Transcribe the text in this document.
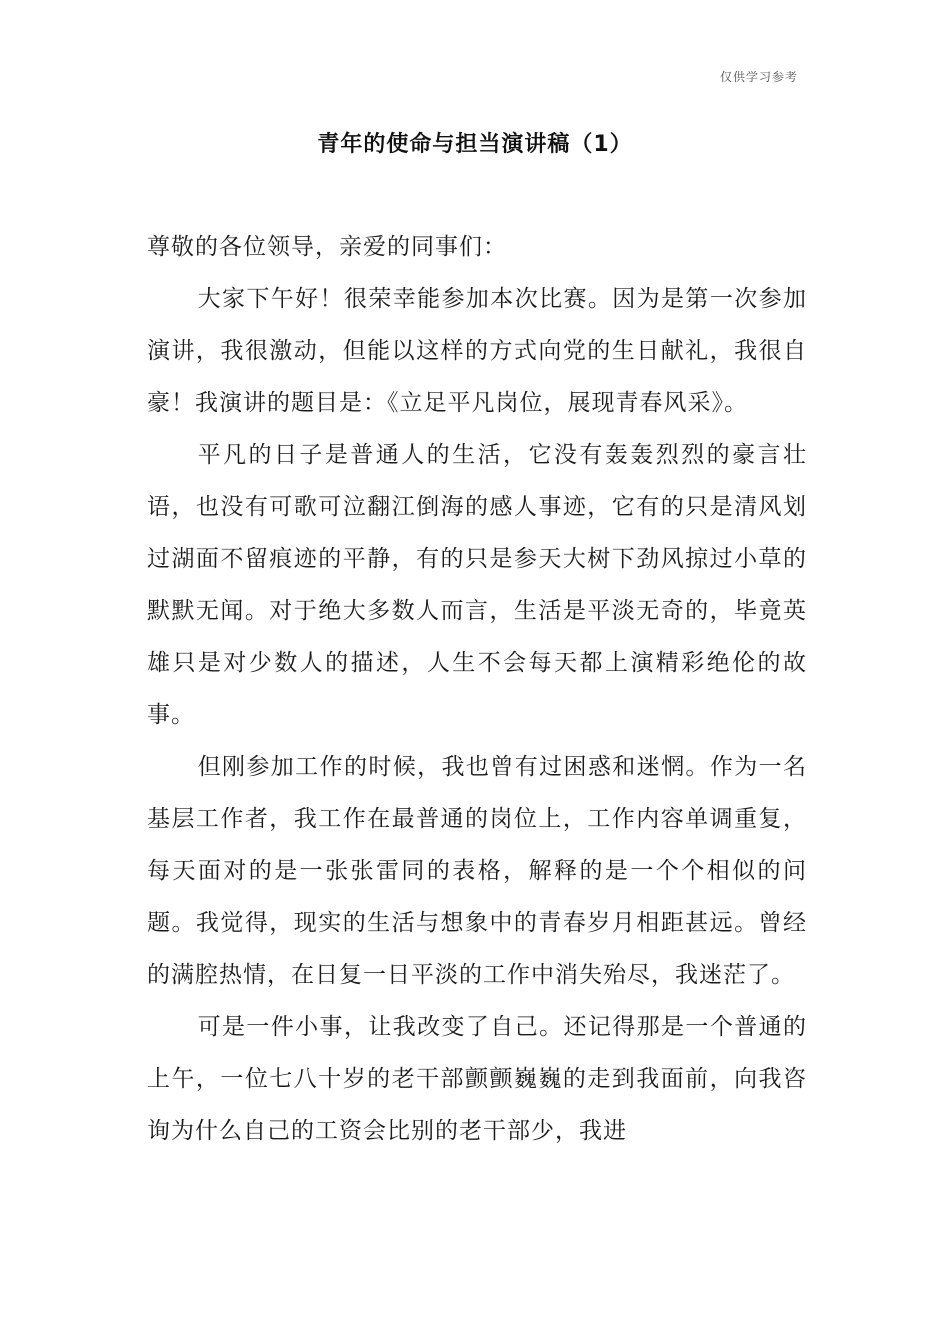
仅供学习参考
青年的使命与担当演讲稿（1）

尊敬的各位领导，亲爱的同事们：

大家下午好！很荣幸能参加本次比赛。因为是第一次参加演讲，我很激动，但能以这样的方式向党的生日献礼，我很自豪！我演讲的题目是：《立足平凡岗位，展现青春风采》。

平凡的日子是普通人的生活，它没有轰轰烈烈的豪言壮语，也没有可歌可泣翻江倒海的感人事迹，它有的只是清风划过湖面不留痕迹的平静，有的只是参天大树下劲风掠过小草的默默无闻。对于绝大多数人而言，生活是平淡无奇的，毕竟英雄只是对少数人的描述，人生不会每天都上演精彩绝伦的故事。

但刚参加工作的时候，我也曾有过困惑和迷惘。作为一名基层工作者，我工作在最普通的岗位上，工作内容单调重复，每天面对的是一张张雷同的表格，解释的是一个个相似的问题。我觉得，现实的生活与想象中的青春岁月相距甚远。曾经的满腔热情，在日复一日平淡的工作中消失殆尽，我迷茫了。

可是一件小事，让我改变了自己。还记得那是一个普通的上午，一位七八十岁的老干部颤颤巍巍的走到我面前，向我咨询为什么自己的工资会比别的老干部少，我进
